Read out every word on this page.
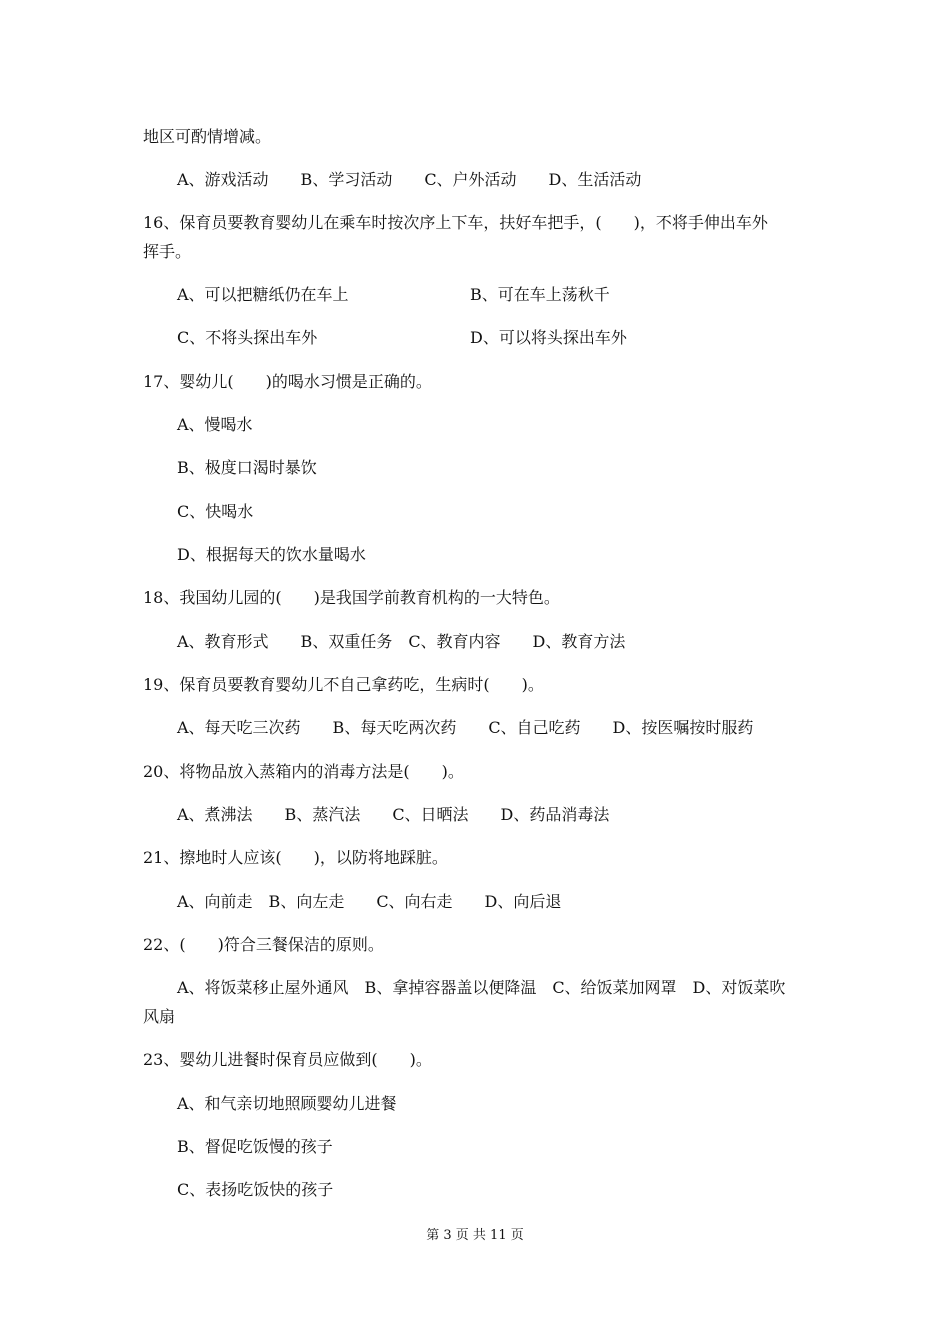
地区可酌情增减。
A、游戏活动　　B、学习活动　　C、户外活动　　D、生活活动
16、保育员要教育婴幼儿在乘车时按次序上下车，扶好车把手，(　　)，不将手伸出车外
挥手。
A、可以把糖纸仍在车上	B、可在车上荡秋千
C、不将头探出车外	D、可以将头探出车外
17、婴幼儿(　　)的喝水习惯是正确的。
A、慢喝水
B、极度口渴时暴饮
C、快喝水
D、根据每天的饮水量喝水
18、我国幼儿园的(　　)是我国学前教育机构的一大特色。
A、教育形式　　B、双重任务　C、教育内容　　D、教育方法
19、保育员要教育婴幼儿不自己拿药吃，生病时(　　)。
A、每天吃三次药　　B、每天吃两次药　　C、自己吃药　　D、按医嘱按时服药
20、将物品放入蒸箱内的消毒方法是(　　)。
A、煮沸法　　B、蒸汽法　　C、日晒法　　D、药品消毒法
21、擦地时人应该(　　)，以防将地踩脏。
A、向前走　B、向左走　　C、向右走　　D、向后退
22、(　　)符合三餐保洁的原则。
A、将饭菜移止屋外通风　B、拿掉容器盖以便降温　C、给饭菜加网罩　D、对饭菜吹
风扇
23、婴幼儿进餐时保育员应做到(　　)。
A、和气亲切地照顾婴幼儿进餐
B、督促吃饭慢的孩子
C、表扬吃饭快的孩子
第 3 页 共 11 页
